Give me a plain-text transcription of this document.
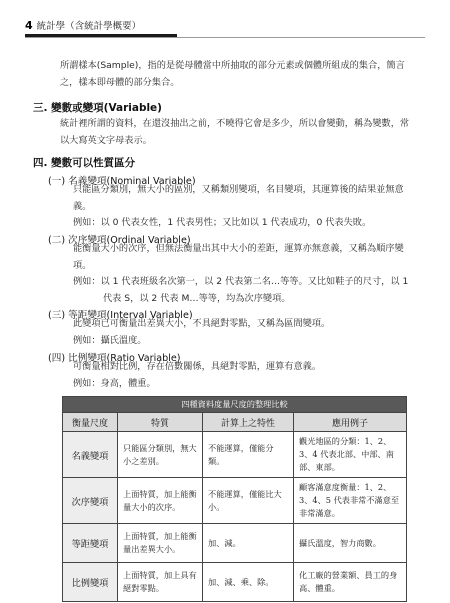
4 統計學（含統計學概要）
所謂樣本(Sample)，指的是從母體當中所抽取的部分元素或個體所組成的集合，簡言
之，樣本即母體的部分集合。
三. 變數或變項(Variable)
統計裡所謂的資料，在還沒抽出之前，不曉得它會是多少，所以會變動，稱為變數，常
以大寫英文字母表示。
四. 變數可以性質區分
(一) 名義變項(Nominal Variable)
只能區分類別，無大小的區別，又稱類別變項，名目變項，其運算後的結果並無意
義。
例如：以 0 代表女性，1 代表男性；又比如以 1 代表成功，0 代表失敗。
(二) 次序變項(Ordinal Variable)
能衡量大小的次序，但無法衡量出其中大小的差距，運算亦無意義，又稱為順序變
項。
例如：以 1 代表班級名次第一，以 2 代表第二名…等等。又比如鞋子的尺寸，以 1
代表 S，以 2 代表 M…等等，均為次序變項。
(三) 等距變項(Interval Variable)
此變項已可衡量出差異大小，不具絕對零點，又稱為區間變項。
例如：攝氏溫度。
(四) 比例變項(Ratio Variable)
可衡量相對比例，存在倍數關係，具絕對零點，運算有意義。
例如：身高，體重。
四種資料度量尺度的整理比較			
衡量尺度	特質	計算上之特性	應用例子
名義變項	只能區分類別，無大小之差別。	不能運算，僅能分類。	觀光地區的分類：1、2、3、4 代表北部、中部、南部、東部。
次序變項	上面特質，加上能衡量大小的次序。	不能運算，僅能比大小。	顧客滿意度衡量：1、2、3、4、5 代表非常不滿意至非常滿意。
等距變項	上面特質，加上能衡量出差異大小。	加、減。	攝氏溫度，智力商數。
比例變項	上面特質，加上具有絕對零點。	加、減、乘、除。	化工廠的營業額、員工的身高、體重。
